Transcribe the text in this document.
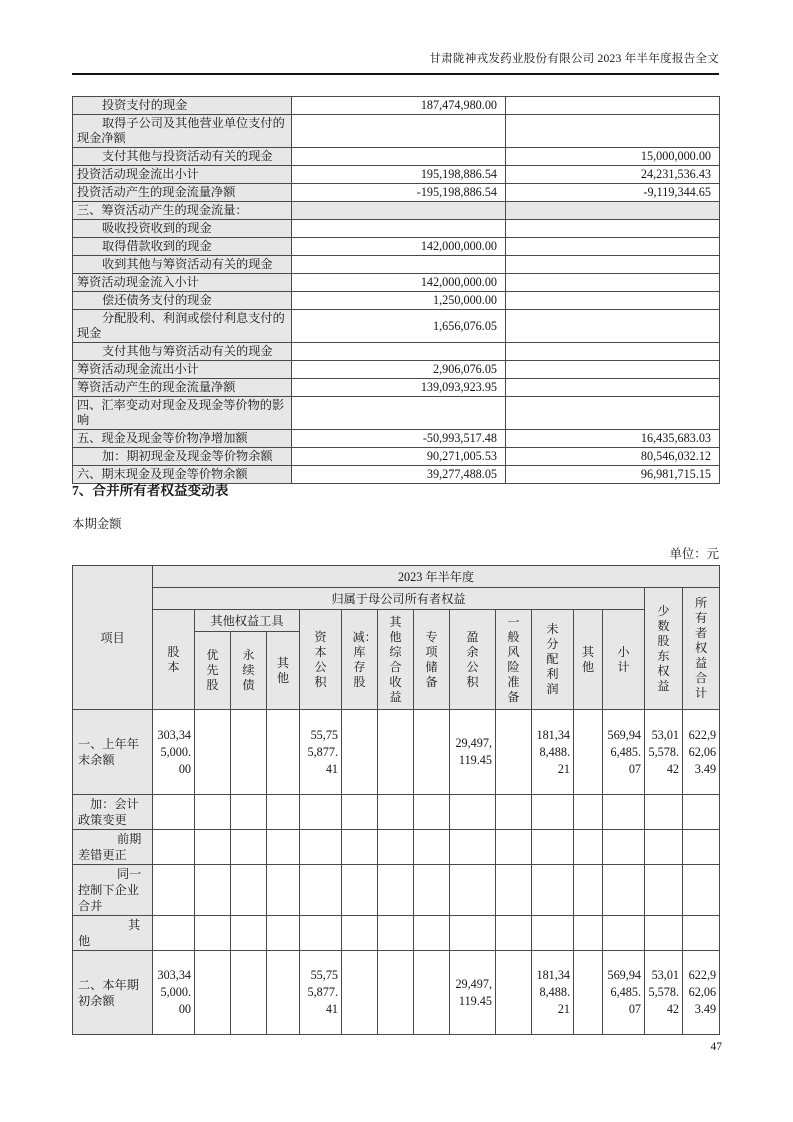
甘肃陇神戎发药业股份有限公司 2023 年半年度报告全文
投资支付的现金	187,474,980.00	
取得子公司及其他营业单位支付的现金净额		
支付其他与投资活动有关的现金		15,000,000.00
投资活动现金流出小计	195,198,886.54	24,231,536.43
投资活动产生的现金流量净额	-195,198,886.54	-9,119,344.65
三、筹资活动产生的现金流量：		
吸收投资收到的现金		
取得借款收到的现金	142,000,000.00	
收到其他与筹资活动有关的现金		
筹资活动现金流入小计	142,000,000.00	
偿还债务支付的现金	1,250,000.00	
分配股利、利润或偿付利息支付的现金	1,656,076.05	
支付其他与筹资活动有关的现金		
筹资活动现金流出小计	2,906,076.05	
筹资活动产生的现金流量净额	139,093,923.95	
四、汇率变动对现金及现金等价物的影响		
五、现金及现金等价物净增加额	-50,993,517.48	16,435,683.03
加：期初现金及现金等价物余额	90,271,005.53	80,546,032.12
六、期末现金及现金等价物余额	39,277,488.05	96,981,715.15
7、合并所有者权益变动表
本期金额
单位：元
项目	2023 年半年度														
	归属于母公司所有者权益													少数股东权益	所有者权益合计
	股本	其他权益工具			资本公积	减：库存股	其他综合收益	专项储备	盈余公积	一般风险准备	未分配利润	其他	小计		
		优先股	永续债	其他											
一、上年年末余额	303,345,000.00				55,755,877.41				29,497,119.45		181,348,488.21		569,946,485.07	53,015,578.42	622,962,063.49

加：会计政策变更	

前期差错更正	

同一控制下企业合并	

其他	

二、本年期初余额	303,345,000.00				55,755,877.41				29,497,119.45		181,348,488.21		569,946,485.07	53,015,578.42	622,962,063.49
47
